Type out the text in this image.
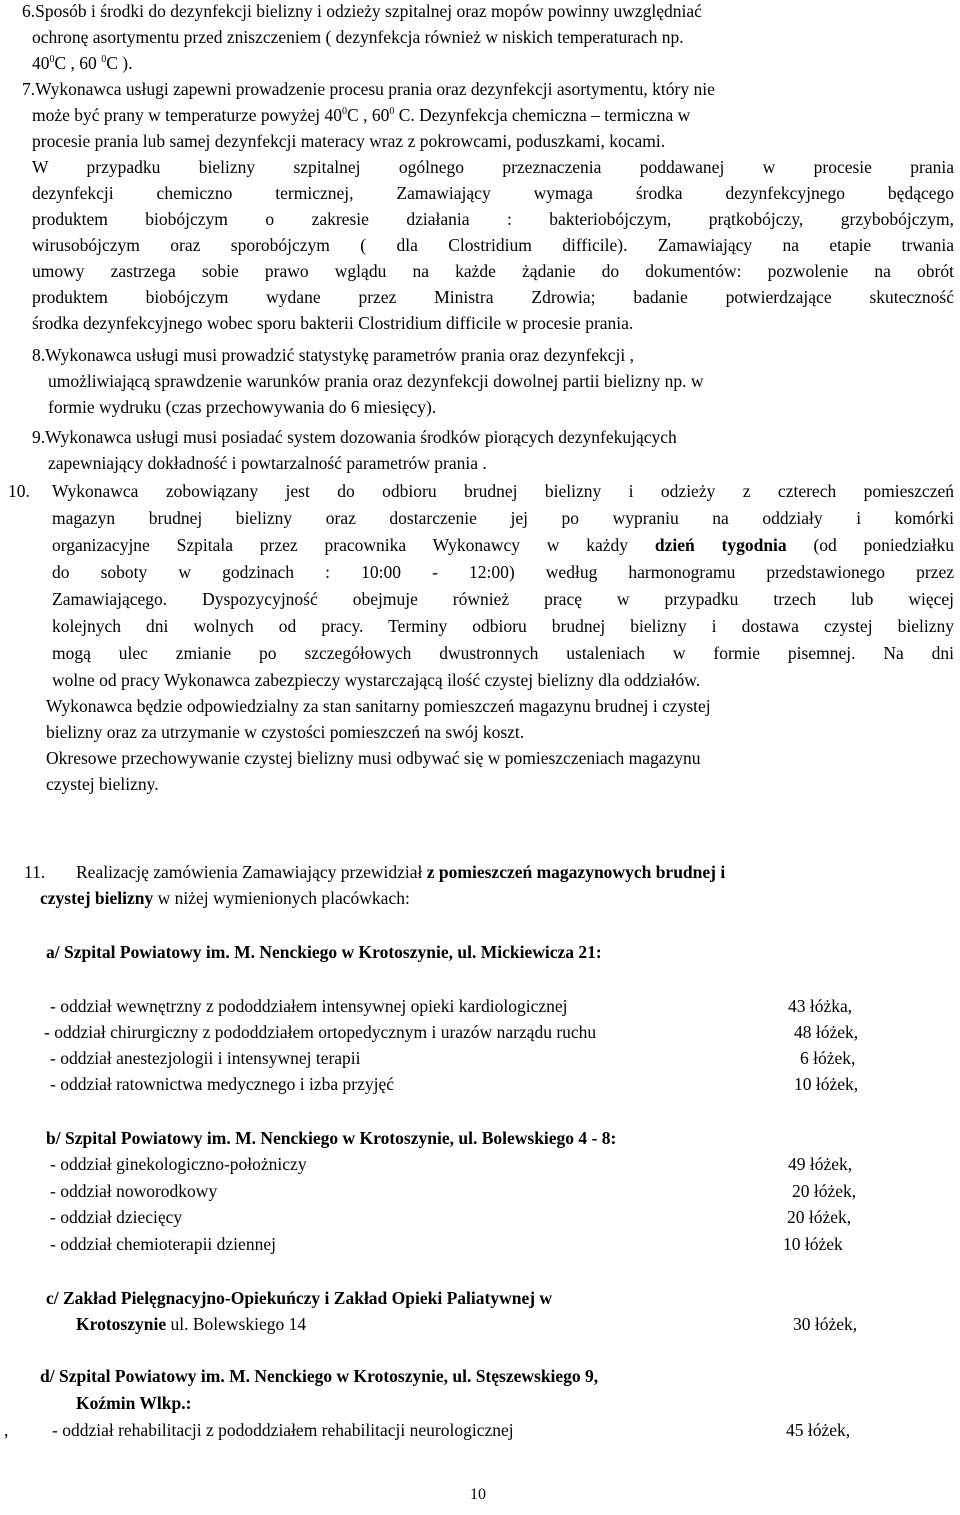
6.Sposób i środki do dezynfekcji bielizny i odzieży szpitalnej oraz mopów powinny uwzględniać
ochronę asortymentu przed zniszczeniem ( dezynfekcja również w niskich temperaturach np.
$40^0C$ , 60 $^0$C ).
7.Wykonawca usługi zapewni prowadzenie procesu prania oraz dezynfekcji asortymentu, który nie
może być prany w temperaturze powyżej $40^0C$ , $60^0$ C. Dezynfekcja chemiczna – termiczna w
procesie prania lub samej dezynfekcji materacy wraz z pokrowcami, poduszkami, kocami.
W przypadku bielizny szpitalnej ogólnego przeznaczenia poddawanej w procesie prania
dezynfekcji chemiczno termicznej, Zamawiający wymaga środka dezynfekcyjnego będącego
produktem biobójczym o zakresie działania : bakteriobójczym, prątkobójczy, grzybobójczym,
wirusobójczym oraz sporobójczym ( dla Clostridium difficile). Zamawiający na etapie trwania
umowy zastrzega sobie prawo wglądu na każde żądanie do dokumentów: pozwolenie na obrót
produktem biobójczym wydane przez Ministra Zdrowia; badanie potwierdzające skuteczność
środka dezynfekcyjnego wobec sporu bakterii Clostridium difficile w procesie prania.
8.Wykonawca usługi musi prowadzić statystykę parametrów prania oraz dezynfekcji ,
umożliwiającą sprawdzenie warunków prania oraz dezynfekcji dowolnej partii bielizny np. w
formie wydruku (czas przechowywania do 6 miesięcy).
9.Wykonawca usługi musi posiadać system dozowania środków piorących dezynfekujących
zapewniający dokładność i powtarzalność parametrów prania .
10. Wykonawca zobowiązany jest do odbioru brudnej bielizny i odzieży z czterech pomieszczeń
magazyn brudnej bielizny oraz dostarczenie jej po wypraniu na oddziały i komórki
organizacyjne Szpitala przez pracownika Wykonawcy w każdy dzień tygodnia (od poniedziałku
do soboty w godzinach : 10:00 - 12:00) według harmonogramu przedstawionego przez
Zamawiającego. Dyspozycyjność obejmuje również pracę w przypadku trzech lub więcej
kolejnych dni wolnych od pracy. Terminy odbioru brudnej bielizny i dostawa czystej bielizny
mogą ulec zmianie po szczegółowych dwustronnych ustaleniach w formie pisemnej. Na dni
wolne od pracy Wykonawca zabezpieczy wystarczającą ilość czystej bielizny dla oddziałów.
Wykonawca będzie odpowiedzialny za stan sanitarny pomieszczeń magazynu brudnej i czystej
bielizny oraz za utrzymanie w czystości pomieszczeń na swój koszt.
Okresowe przechowywanie czystej bielizny musi odbywać się w pomieszczeniach magazynu
czystej bielizny.
11. Realizację zamówienia Zamawiający przewidział z pomieszczeń magazynowych brudnej i
czystej bielizny w niżej wymienionych placówkach:
a/ Szpital Powiatowy im. M. Nenckiego w Krotoszynie, ul. Mickiewicza 21:
- oddział wewnętrzny z pododdziałem intensywnej opieki kardiologicznej	43 łóżka,
- oddział chirurgiczny z pododdziałem ortopedycznym i urazów narządu ruchu	48 łóżek,
- oddział anestezjologii i intensywnej terapii	6 łóżek,
- oddział ratownictwa medycznego i izba przyjęć	10 łóżek,
b/ Szpital Powiatowy im. M. Nenckiego w Krotoszynie, ul. Bolewskiego 4 - 8:
- oddział ginekologiczno-położniczy	49 łóżek,
- oddział noworodkowy	20 łóżek,
- oddział dziecięcy	20 łóżek,
- oddział chemioterapii dziennej	10 łóżek
c/ Zakład Pielęgnacyjno-Opiekuńczy i Zakład Opieki Paliatywnej w
Krotoszynie ul. Bolewskiego 14	30 łóżek,
d/ Szpital Powiatowy im. M. Nenckiego w Krotoszynie, ul. Stęszewskiego 9,
Koźmin Wlkp.:
, - oddział rehabilitacji z pododdziałem rehabilitacji neurologicznej	45 łóżek,
10
